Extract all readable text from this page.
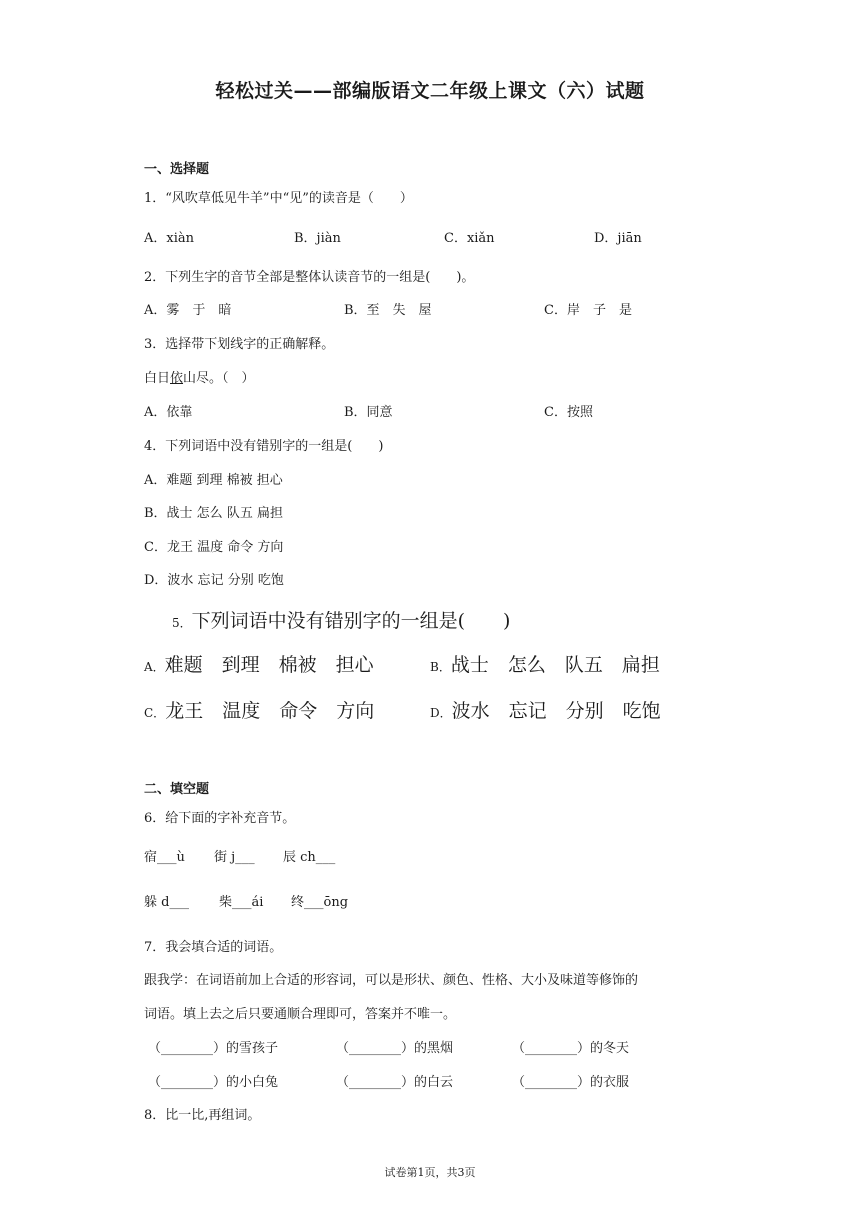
轻松过关——部编版语文二年级上课文（六）试题
一、选择题
1．“风吹草低见牛羊”中“见”的读音是（　　）
A．xiàn	B．jiàn	C．xiǎn	D．jiān
2．下列生字的音节全部是整体认读音节的一组是(　　)。
A．雾　于　暗	B．至　失　屋	C．岸　子　是
3．选择带下划线字的正确解释。
白日依山尽。（　）
A．依靠	B．同意	C．按照
4．下列词语中没有错别字的一组是(　　)
A．难题 到理 棉被 担心
B．战士 怎么 队五 扁担
C．龙王 温度 命令 方向
D．波水 忘记 分别 吃饱
5．下列词语中没有错别字的一组是(　　)
A．难题　到理　棉被　担心	B．战士　怎么　队五　扁担
C．龙王　温度　命令　方向	D．波水　忘记　分别　吃饱
二、填空题
6．给下面的字补充音节。
宿___ù 街 j___ 辰 ch___
躲 d___ 柴___ái 终___ōng
7．我会填合适的词语。
跟我学：在词语前加上合适的形容词，可以是形状、颜色、性格、大小及味道等修饰的
词语。填上去之后只要通顺合理即可，答案并不唯一。
（________）的雪孩子	（________）的黑烟	（________）的冬天
（________）的小白兔	（________）的白云	（________）的衣服
8．比一比,再组词。
试卷第1页，共3页
